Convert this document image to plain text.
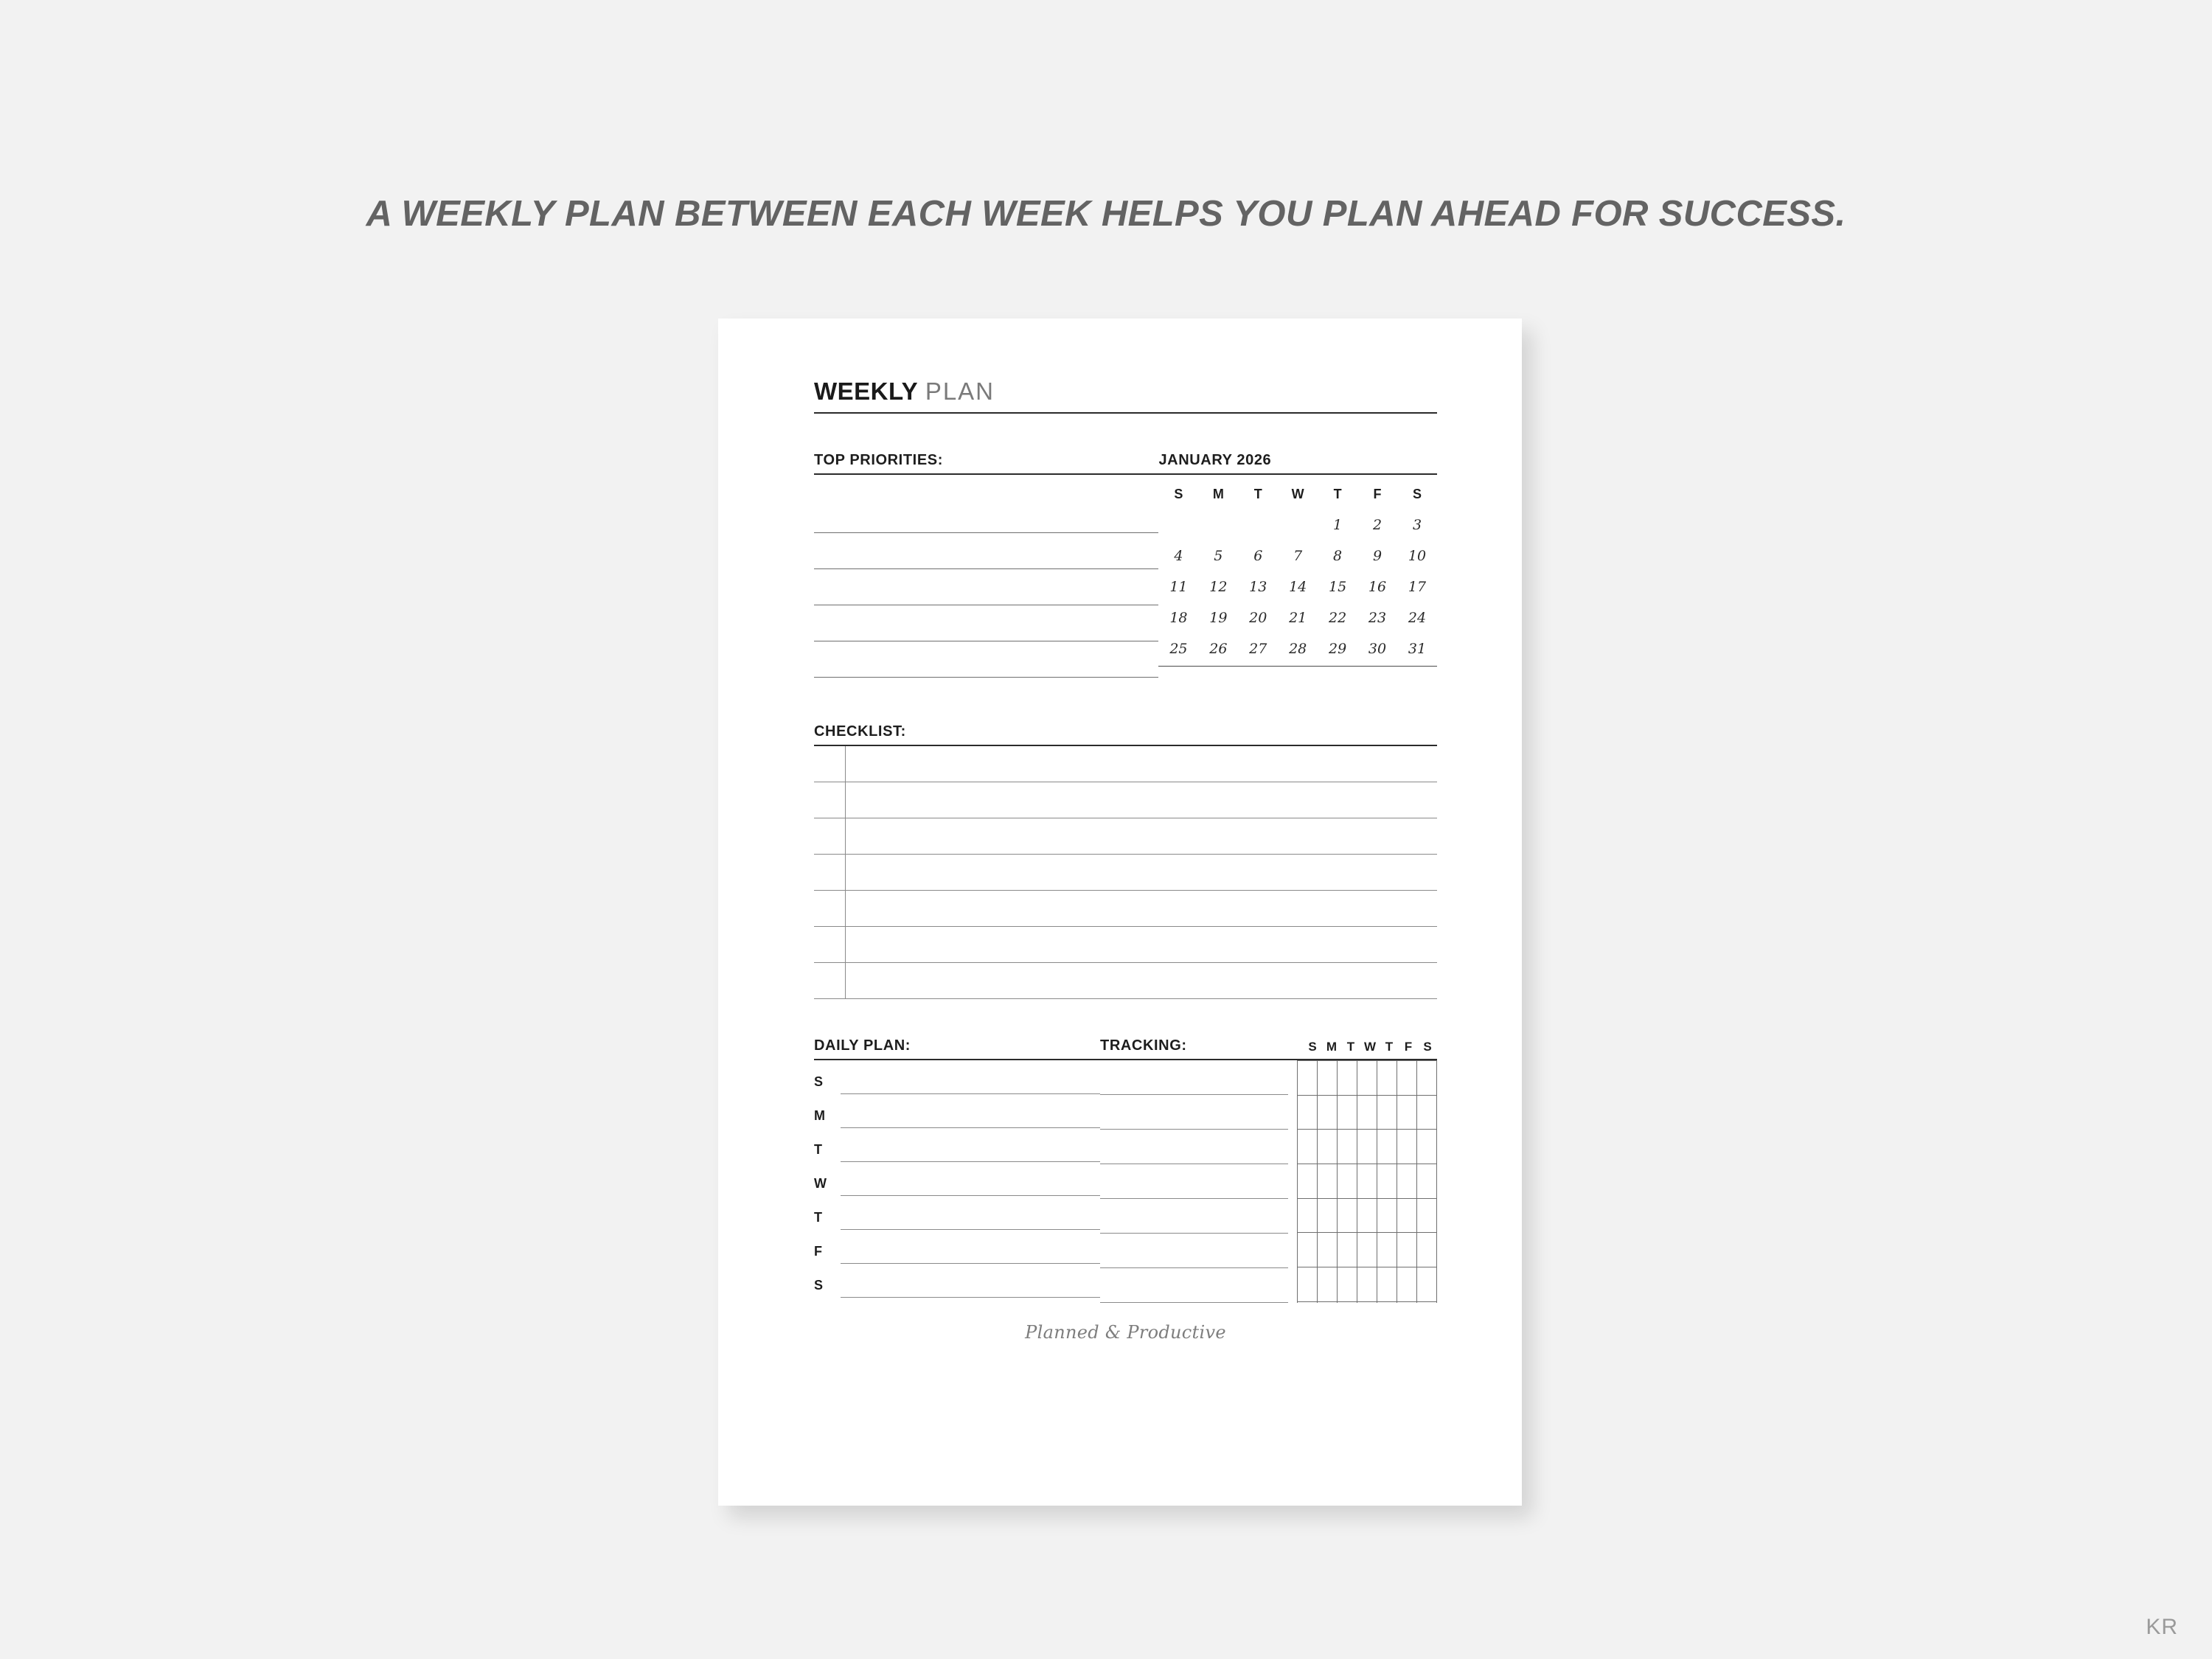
A WEEKLY PLAN BETWEEN EACH WEEK HELPS YOU PLAN AHEAD FOR SUCCESS.
WEEKLY PLAN
TOP PRIORITIES:	JANUARY 2026
S	M	T	W	T	F	S
				1	2	3
4	5	6	7	8	9	10
11	12	13	14	15	16	17
18	19	20	21	22	23	24
25	26	27	28	29	30	31
CHECKLIST:
DAILY PLAN:
S
M
T
W
T
F
S
TRACKING:	S M T W T F S
Planned & Productive
KR
